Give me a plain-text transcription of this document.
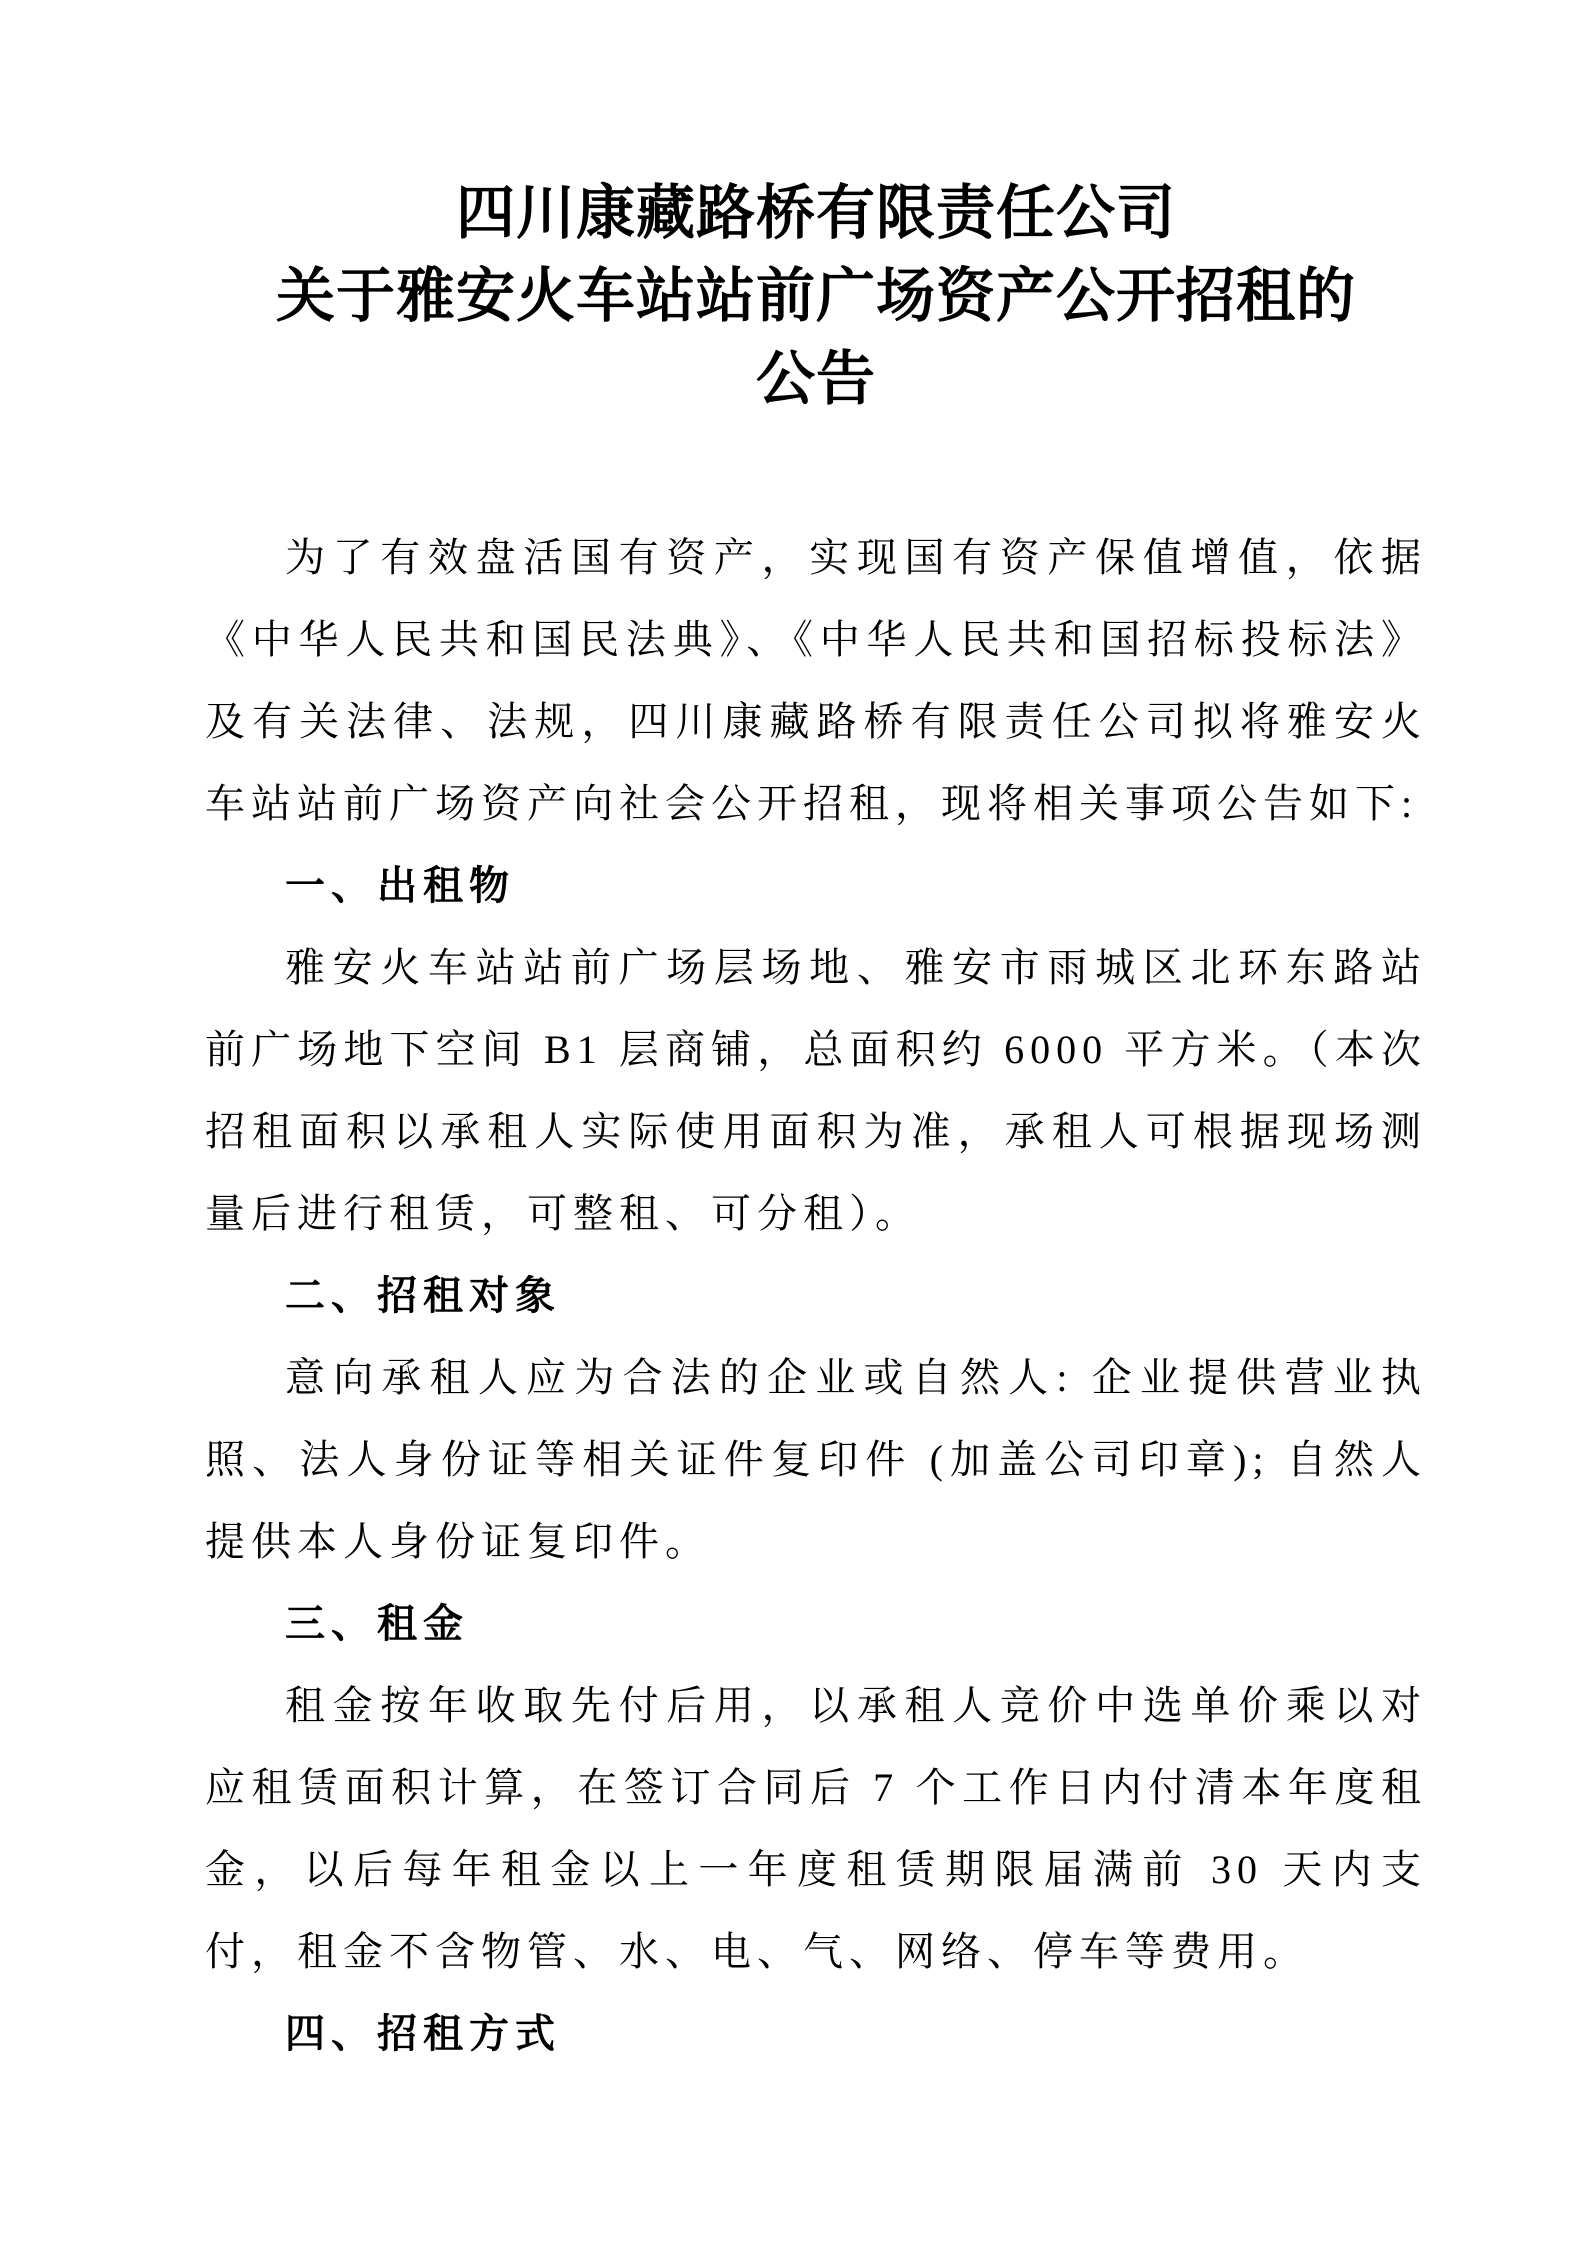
四川康藏路桥有限责任公司
关于雅安火车站站前广场资产公开招租的
公告

为了有效盘活国有资产，实现国有资产保值增值，依据《中华人民共和国民法典》、《中华人民共和国招标投标法》及有关法律、法规，四川康藏路桥有限责任公司拟将雅安火车站站前广场资产向社会公开招租，现将相关事项公告如下:

一、出租物

雅安火车站站前广场层场地、雅安市雨城区北环东路站前广场地下空间 B1 层商铺，总面积约 6000 平方米。（本次招租面积以承租人实际使用面积为准，承租人可根据现场测量后进行租赁，可整租、可分租）。

二、招租对象

意向承租人应为合法的企业或自然人: 企业提供营业执照、法人身份证等相关证件复印件 (加盖公司印章); 自然人提供本人身份证复印件。

三、租金

租金按年收取先付后用，以承租人竞价中选单价乘以对应租赁面积计算，在签订合同后 7 个工作日内付清本年度租金，以后每年租金以上一年度租赁期限届满前 30 天内支付，租金不含物管、水、电、气、网络、停车等费用。

四、招租方式
